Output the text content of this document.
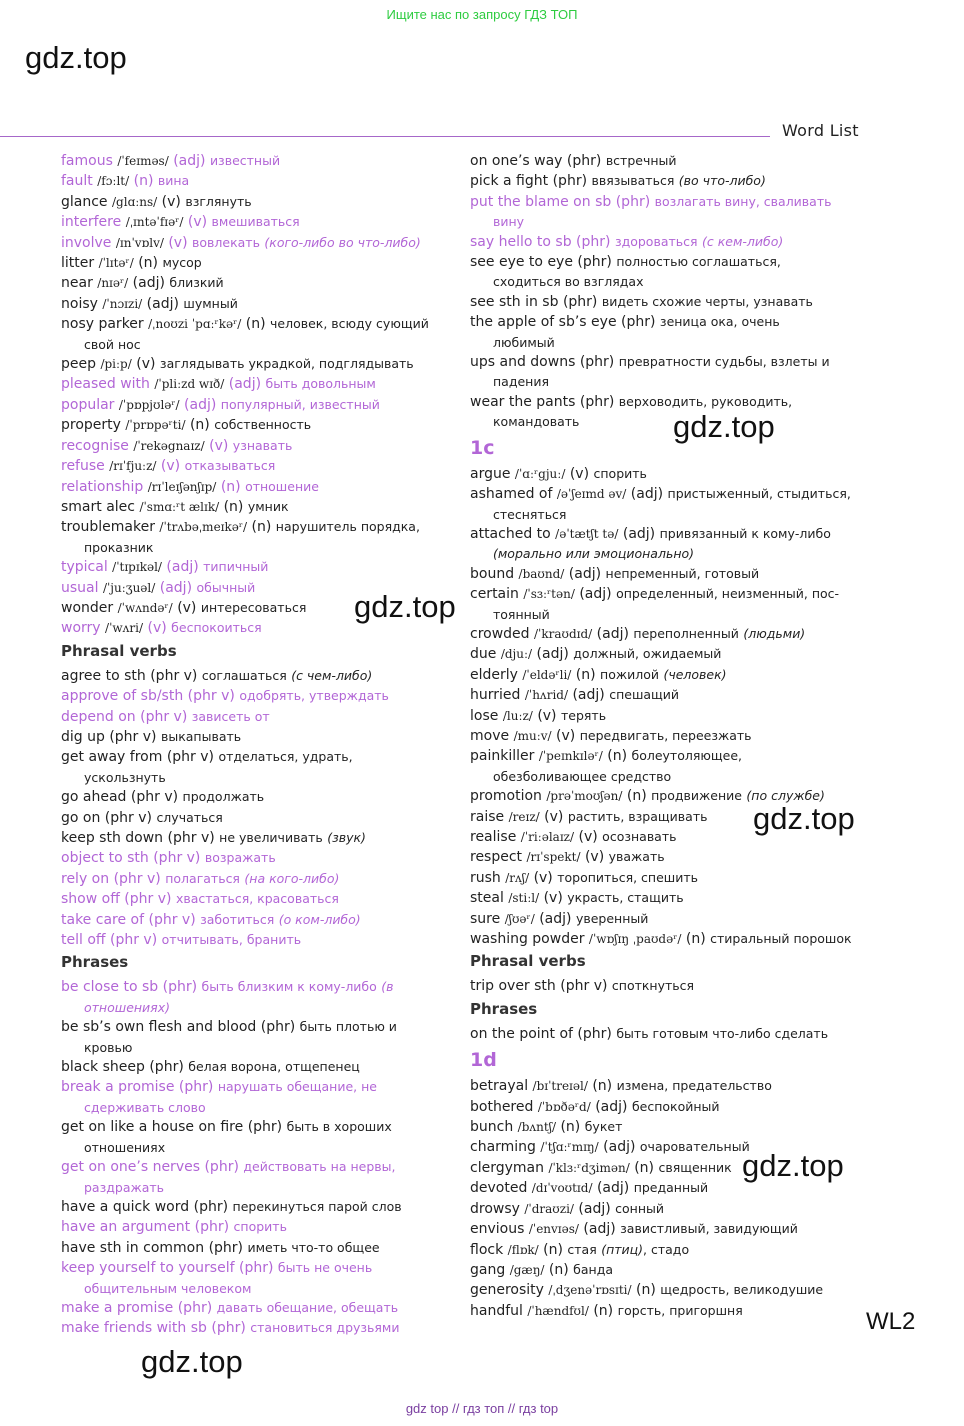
Ищите нас по запросу ГДЗ ТОП
gdz.top
gdz.top
gdz.top
gdz.top
gdz.top
gdz.top
Word List
famous /ˈfeɪməs/ (adj) известный
fault /fɔːlt/ (n) вина
glance /glɑːns/ (v) взглянуть
interfere /ˌɪntəˈfɪəʳ/ (v) вмешиваться
involve /ɪnˈvɒlv/ (v) вовлекать (кого-либо во что-либо)
litter /ˈlɪtəʳ/ (n) мусор
near /nɪəʳ/ (adj) близкий
noisy /ˈnɔɪzi/ (adj) шумный
nosy parker /ˌnoʊzi ˈpɑːʳkəʳ/ (n) человек, всюду сующий
свой нос
peep /piːp/ (v) заглядывать украдкой, подглядывать
pleased with /ˈpliːzd wɪð/ (adj) быть довольным
popular /ˈpɒpjʊləʳ/ (adj) популярный, известный
property /ˈprɒpəʳti/ (n) собственность
recognise /ˈrekəgnaɪz/ (v) узнавать
refuse /rɪˈfjuːz/ (v) отказываться
relationship /rɪˈleɪʃənʃɪp/ (n) отношение
smart alec /ˈsmɑːʳt ælɪk/ (n) умник
troublemaker /ˈtrʌbəˌmeɪkəʳ/ (n) нарушитель порядка,
проказник
typical /ˈtɪpɪkəl/ (adj) типичный
usual /ˈjuːʒuəl/ (adj) обычный
wonder /ˈwʌndəʳ/ (v) интересоваться
worry /ˈwʌri/ (v) беспокоиться
Phrasal verbs
agree to sth (phr v) соглашаться (с чем-либо)
approve of sb/sth (phr v) одобрять, утверждать
depend on (phr v) зависеть от
dig up (phr v) выкапывать
get away from (phr v) отделаться, удрать,
ускользнуть
go ahead (phr v) продолжать
go on (phr v) случаться
keep sth down (phr v) не увеличивать (звук)
object to sth (phr v) возражать
rely on (phr v) полагаться (на кого-либо)
show off (phr v) хвастаться, красоваться
take care of (phr v) заботиться (о ком-либо)
tell off (phr v) отчитывать, бранить
Phrases
be close to sb (phr) быть близким к кому-либо (в
отношениях)
be sb’s own flesh and blood (phr) быть плотью и
кровью
black sheep (phr) белая ворона, отщепенец
break a promise (phr) нарушать обещание, не
сдерживать слово
get on like a house on fire (phr) быть в хороших
отношениях
get on one’s nerves (phr) действовать на нервы,
раздражать
have a quick word (phr) перекинуться парой слов
have an argument (phr) спорить
have sth in common (phr) иметь что-то общее
keep yourself to yourself (phr) быть не очень
общительным человеком
make a promise (phr) давать обещание, обещать
make friends with sb (phr) становиться друзьями
on one’s way (phr) встречный
pick a fight (phr) ввязываться (во что-либо)
put the blame on sb (phr) возлагать вину, сваливать
вину
say hello to sb (phr) здороваться (с кем-либо)
see eye to eye (phr) полностью соглашаться,
сходиться во взглядах
see sth in sb (phr) видеть схожие черты, узнавать
the apple of sb’s eye (phr) зеница ока, очень
любимый
ups and downs (phr) превратности судьбы, взлеты и
падения
wear the pants (phr) верховодить, руководить,
командовать
1c
argue /ˈɑːʳgjuː/ (v) спорить
ashamed of /əˈʃeɪmd əv/ (adj) пристыженный, стыдиться,
стесняться
attached to /əˈtætʃt tə/ (adj) привязанный к кому-либо
(морально или эмоционально)
bound /baʊnd/ (adj) непременный, готовый
certain /ˈsɜːʳtən/ (adj) определенный, неизменный, пос-
тоянный
crowded /ˈkraʊdɪd/ (adj) переполненный (людьми)
due /djuː/ (adj) должный, ожидаемый
elderly /ˈeldəʳli/ (n) пожилой (человек)
hurried /ˈhʌrid/ (adj) спешащий
lose /luːz/ (v) терять
move /muːv/ (v) передвигать, переезжать
painkiller /ˈpeɪnkɪləʳ/ (n) болеутоляющее,
обезболивающее средство
promotion /prəˈmoʊʃən/ (n) продвижение (по службе)
raise /reɪz/ (v) растить, взращивать
realise /ˈriːəlaɪz/ (v) осознавать
respect /rɪˈspekt/ (v) уважать
rush /rʌʃ/ (v) торопиться, спешить
steal /stiːl/ (v) украсть, стащить
sure /ʃʊəʳ/ (adj) уверенный
washing powder /ˈwɒʃɪŋ ˌpaʊdəʳ/ (n) стиральный порошок
Phrasal verbs
trip over sth (phr v) споткнуться
Phrases
on the point of (phr) быть готовым что-либо сделать
1d
betrayal /bɪˈtreɪəl/ (n) измена, предательство
bothered /ˈbɒðəʳd/ (adj) беспокойный
bunch /bʌntʃ/ (n) букет
charming /ˈtʃɑːʳmɪŋ/ (adj) очаровательный
clergyman /ˈklɜːʳdʒimən/ (n) священник
devoted /dɪˈvoʊtɪd/ (adj) преданный
drowsy /ˈdraʊzi/ (adj) сонный
envious /ˈenvɪəs/ (adj) завистливый, завидующий
flock /flɒk/ (n) стая (птиц), стадо
gang /gæŋ/ (n) банда
generosity /ˌdʒenəˈrɒsɪti/ (n) щедрость, великодушие
handful /ˈhændfʊl/ (n) горсть, пригоршня	WL2
gdz top // гдз топ // гдз top
